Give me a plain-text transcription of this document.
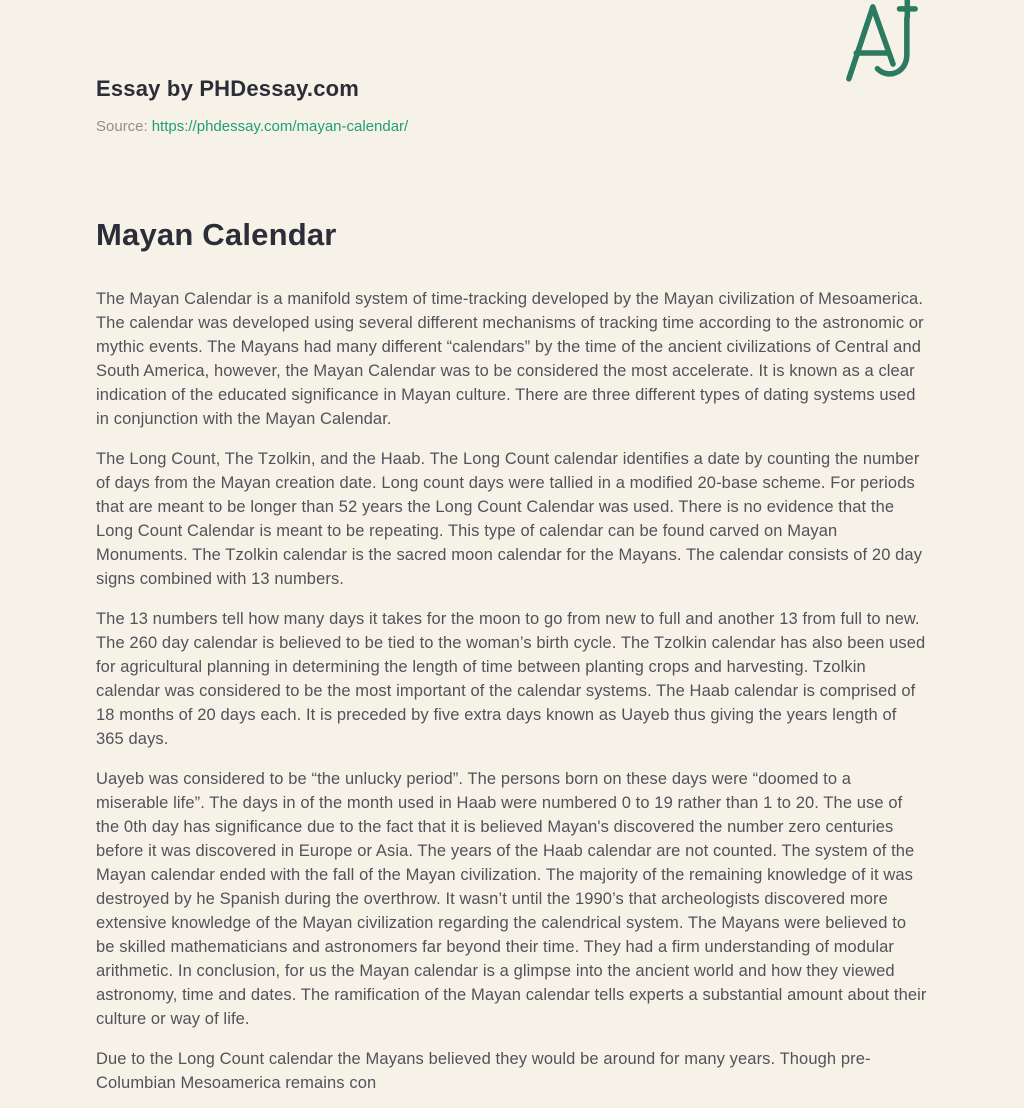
Essay by PHDessay.com
Source: https://phdessay.com/mayan-calendar/
Mayan Calendar

The Mayan Calendar is a manifold system of time-tracking developed by the Mayan civilization of Mesoamerica. The calendar was developed using several different mechanisms of tracking time according to the astronomic or mythic events. The Mayans had many different “calendars” by the time of the ancient civilizations of Central and South America, however, the Mayan Calendar was to be considered the most accelerate. It is known as a clear indication of the educated significance in Mayan culture. There are three different types of dating systems used in conjunction with the Mayan Calendar.

The Long Count, The Tzolkin, and the Haab. The Long Count calendar identifies a date by counting the number of days from the Mayan creation date. Long count days were tallied in a modified 20-base scheme. For periods that are meant to be longer than 52 years the Long Count Calendar was used. There is no evidence that the Long Count Calendar is meant to be repeating. This type of calendar can be found carved on Mayan Monuments. The Tzolkin calendar is the sacred moon calendar for the Mayans. The calendar consists of 20 day signs combined with 13 numbers.

The 13 numbers tell how many days it takes for the moon to go from new to full and another 13 from full to new. The 260 day calendar is believed to be tied to the woman’s birth cycle. The Tzolkin calendar has also been used for agricultural planning in determining the length of time between planting crops and harvesting. Tzolkin calendar was considered to be the most important of the calendar systems. The Haab calendar is comprised of 18 months of 20 days each. It is preceded by five extra days known as Uayeb thus giving the years length of 365 days.

Uayeb was considered to be “the unlucky period”. The persons born on these days were “doomed to a miserable life”. The days in of the month used in Haab were numbered 0 to 19 rather than 1 to 20. The use of the 0th day has significance due to the fact that it is believed Mayan's discovered the number zero centuries before it was discovered in Europe or Asia. The years of the Haab calendar are not counted. The system of the Mayan calendar ended with the fall of the Mayan civilization. The majority of the remaining knowledge of it was destroyed by he Spanish during the overthrow. It wasn’t until the 1990’s that archeologists discovered more extensive knowledge of the Mayan civilization regarding the calendrical system. The Mayans were believed to be skilled mathematicians and astronomers far beyond their time. They had a firm understanding of modular arithmetic. In conclusion, for us the Mayan calendar is a glimpse into the ancient world and how they viewed astronomy, time and dates. The ramification of the Mayan calendar tells experts a substantial amount about their culture or way of life.

Due to the Long Count calendar the Mayans believed they would be around for many years. Though pre-Columbian Mesoamerica remains con
